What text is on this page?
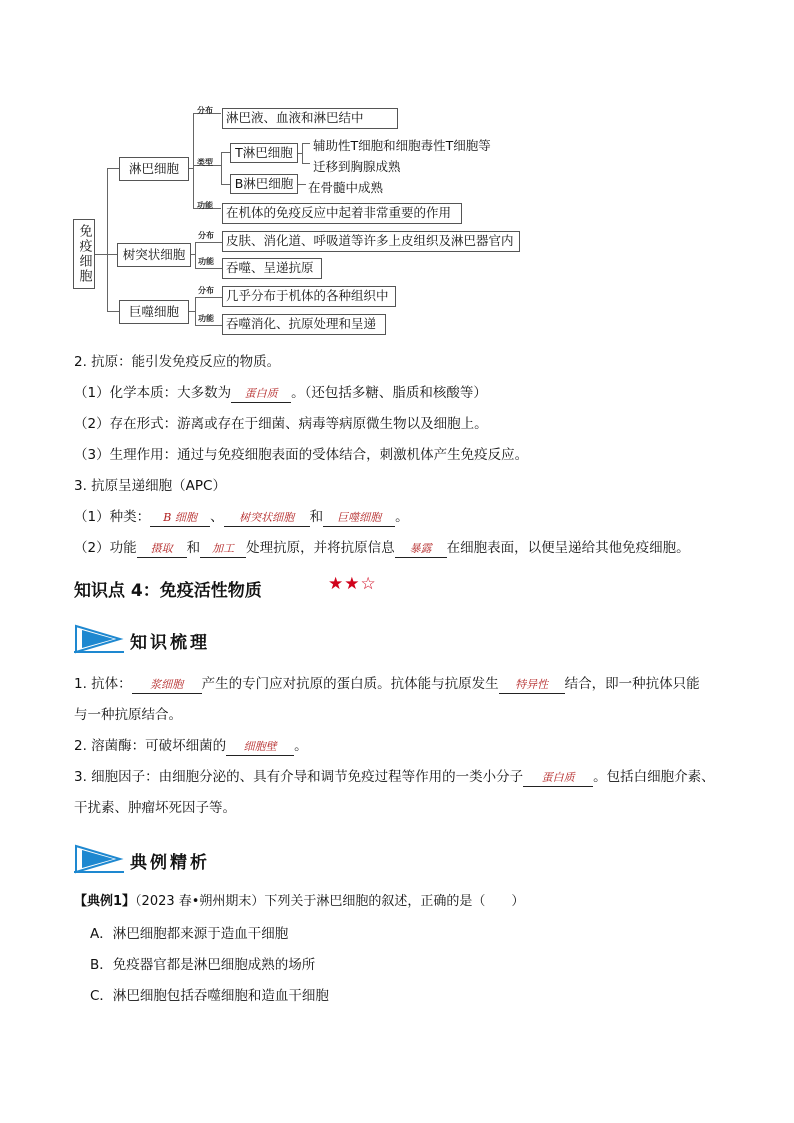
免疫细胞
淋巴细胞
树突状细胞
巨噬细胞
分布
类型
功能
淋巴液、血液和淋巴结中
T淋巴细胞
B淋巴细胞
辅助性T细胞和细胞毒性T细胞等
迁移到胸腺成熟
在骨髓中成熟
在机体的免疫反应中起着非常重要的作用
分布
功能
皮肤、消化道、呼吸道等许多上皮组织及淋巴器官内
吞噬、呈递抗原
分布
功能
几乎分布于机体的各种组织中
吞噬消化、抗原处理和呈递
2. 抗原：能引发免疫反应的物质。
（1）化学本质：大多数为 蛋白质 。（还包括多糖、脂质和核酸等）
（2）存在形式：游离或存在于细菌、病毒等病原微生物以及细胞上。
（3）生理作用：通过与免疫细胞表面的受体结合，刺激机体产生免疫反应。
3. 抗原呈递细胞（APC）
（1）种类： B 细胞 、 树突状细胞 和 巨噬细胞 。
（2）功能 摄取 和 加工 处理抗原，并将抗原信息 暴露 在细胞表面，以便呈递给其他免疫细胞。
知识点 4：免疫活性物质	★★☆
知识梳理
1. 抗体： 浆细胞 产生的专门应对抗原的蛋白质。抗体能与抗原发生 特异性 结合，即一种抗体只能
与一种抗原结合。
2. 溶菌酶：可破坏细菌的 细胞壁 。
3. 细胞因子：由细胞分泌的、具有介导和调节免疫过程等作用的一类小分子 蛋白质 。包括白细胞介素、
干扰素、肿瘤坏死因子等。
典例精析
【典例1】（2023 春•朔州期末）下列关于淋巴细胞的叙述，正确的是（　　）
A．淋巴细胞都来源于造血干细胞
B．免疫器官都是淋巴细胞成熟的场所
C．淋巴细胞包括吞噬细胞和造血干细胞
